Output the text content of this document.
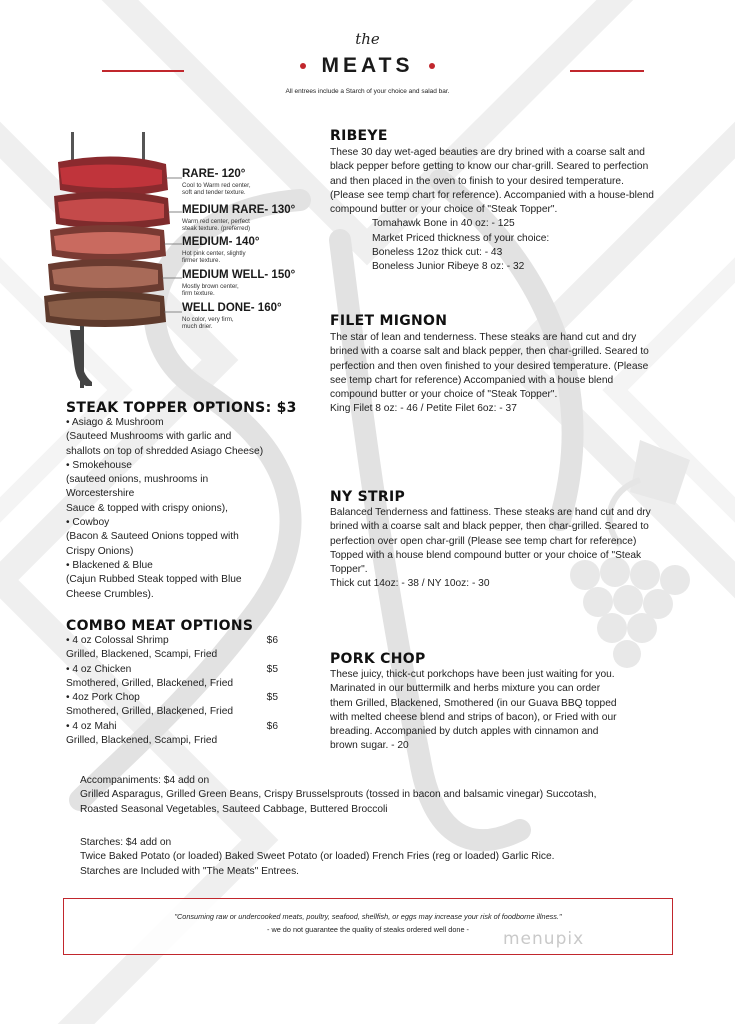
the
MEATS
All entrees include a Starch of your choice and salad bar.
RARE- 120°
Cool to Warm red center,
soft and tender texture.
MEDIUM RARE- 130°
Warm red center, perfect
steak texture. (preferred)
MEDIUM- 140°
Hot pink center, slightly
firmer texture.
MEDIUM WELL- 150°
Mostly brown center,
firm texture.
WELL DONE- 160°
No color, very firm,
much drier.
RIBEYE
These 30 day wet-aged beauties are dry brined with a coarse salt and
black pepper before getting to know our char-grill. Seared to perfection
and then placed in the oven to finish to your desired temperature.
(Please see temp chart for reference). Accompanied with a house-blend
compound butter or your choice of "Steak Topper".
Tomahawk Bone in 40 oz: - 125
Market Priced thickness of your choice:
Boneless 12oz thick cut: - 43
Boneless Junior Ribeye 8 oz: - 32
FILET MIGNON
The star of lean and tenderness. These steaks are hand cut and dry
brined with a coarse salt and black pepper, then char-grilled. Seared to
perfection and then oven finished to your desired temperature. (Please
see temp chart for reference) Accompanied with a house blend
compound butter or your choice of "Steak Topper".
King Filet 8 oz: - 46 / Petite Filet 6oz: - 37
NY STRIP
Balanced Tenderness and fattiness. These steaks are hand cut and dry
brined with a coarse salt and black pepper, then char-grilled. Seared to
perfection over open char-grill (Please see temp chart for reference)
Topped with a house blend compound butter or your choice of "Steak
Topper".
Thick cut 14oz: - 38 / NY 10oz: - 30
PORK CHOP
These juicy, thick-cut porkchops have been just waiting for you.
Marinated in our buttermilk and herbs mixture you can order
them Grilled, Blackened, Smothered (in our Guava BBQ topped
with melted cheese blend and strips of bacon), or Fried with our
breading. Accompanied by dutch apples with cinnamon and
brown sugar. - 20
STEAK TOPPER OPTIONS: $3
• Asiago & Mushroom
(Sauteed Mushrooms with garlic and
shallots on top of shredded Asiago Cheese)
• Smokehouse
(sauteed onions, mushrooms in
Worcestershire
Sauce & topped with crispy onions),
• Cowboy
(Bacon & Sauteed Onions topped with
Crispy Onions)
• Blackened & Blue
(Cajun Rubbed Steak topped with Blue
Cheese Crumbles).
COMBO MEAT OPTIONS
• 4 oz Colossal Shrimp	$6
Grilled, Blackened, Scampi, Fried
• 4 oz Chicken	$5
Smothered, Grilled, Blackened, Fried
• 4oz Pork Chop	$5
Smothered, Grilled, Blackened, Fried
• 4 oz Mahi	$6
Grilled, Blackened, Scampi, Fried
Accompaniments: $4 add on
Grilled Asparagus, Grilled Green Beans, Crispy Brusselsprouts (tossed in bacon and balsamic vinegar) Succotash,
Roasted Seasonal Vegetables, Sauteed Cabbage, Buttered Broccoli
Starches: $4 add on
Twice Baked Potato (or loaded) Baked Sweet Potato (or loaded) French Fries (reg or loaded) Garlic Rice.
Starches are Included with "The Meats" Entrees.
"Consuming raw or undercooked meats, poultry, seafood, shellfish, or eggs may increase your risk of foodborne illness."
- we do not guarantee the quality of steaks ordered well done -	menupix
